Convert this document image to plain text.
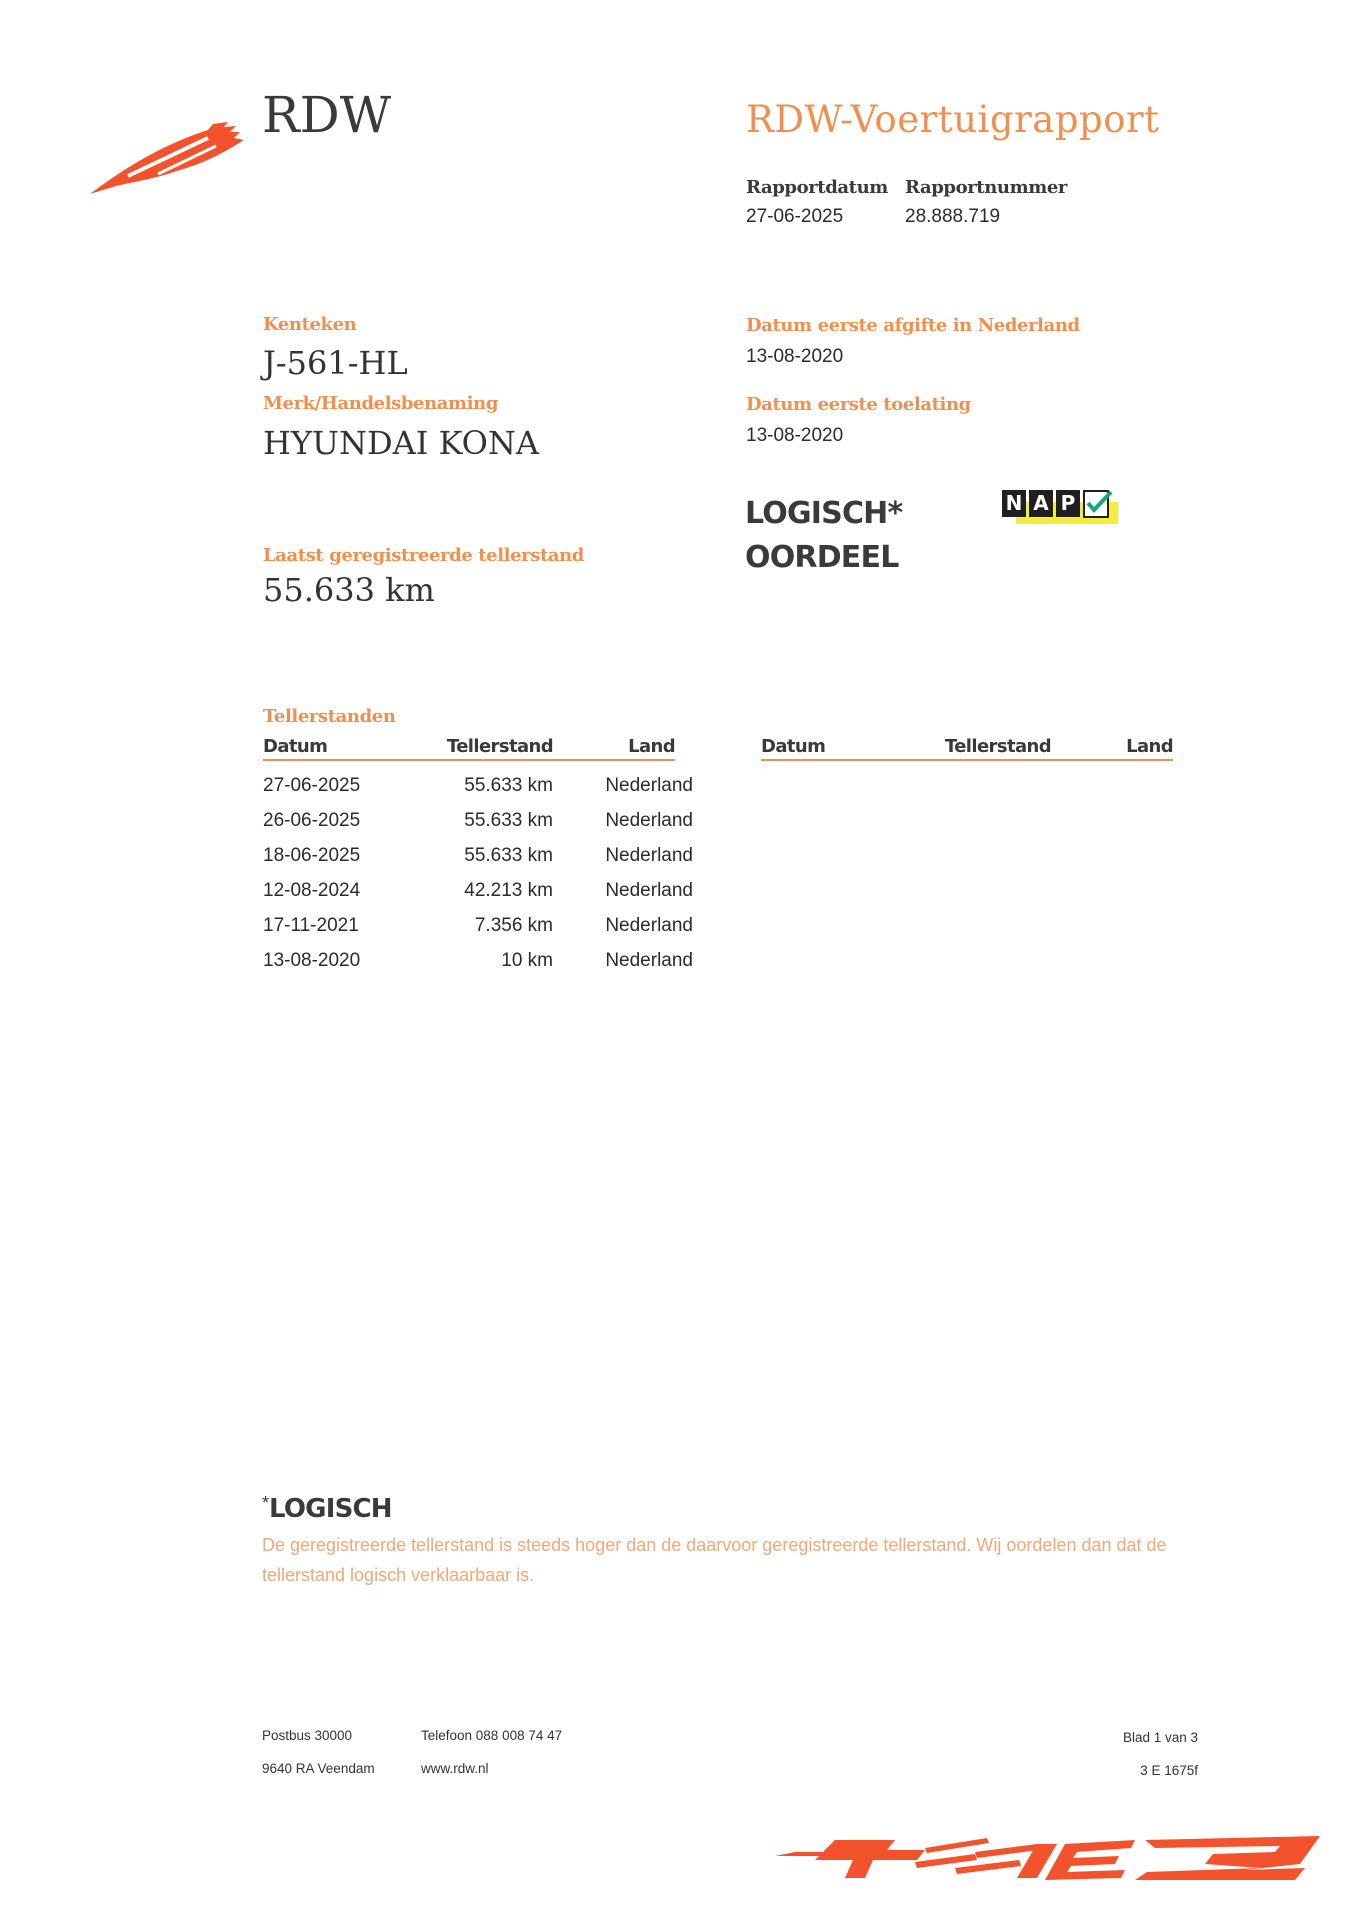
RDW	RDW-Voertuigrapport
Rapportdatum
27-06-2025
Rapportnummer
28.888.719
Kenteken
J-561-HL
Merk/Handelsbenaming
HYUNDAI KONA
Laatst geregistreerde tellerstand
55.633 km
Datum eerste afgifte in Nederland
13-08-2020
Datum eerste toelating
13-08-2020
LOGISCH*
OORDEEL
N A P
Tellerstanden
Datum	Tellerstand	Land
27-06-2025	55.633 km	Nederland
26-06-2025	55.633 km	Nederland
18-06-2025	55.633 km	Nederland
12-08-2024	42.213 km	Nederland
17-11-2021	7.356 km	Nederland
13-08-2020	10 km	Nederland
Datum	Tellerstand	Land
*LOGISCH
De geregistreerde tellerstand is steeds hoger dan de daarvoor geregistreerde tellerstand. Wij oordelen dan dat de tellerstand logisch verklaarbaar is.
Postbus 30000
9640 RA Veendam
Telefoon 088 008 74 47
www.rdw.nl
Blad 1 van 3
3 E 1675f
